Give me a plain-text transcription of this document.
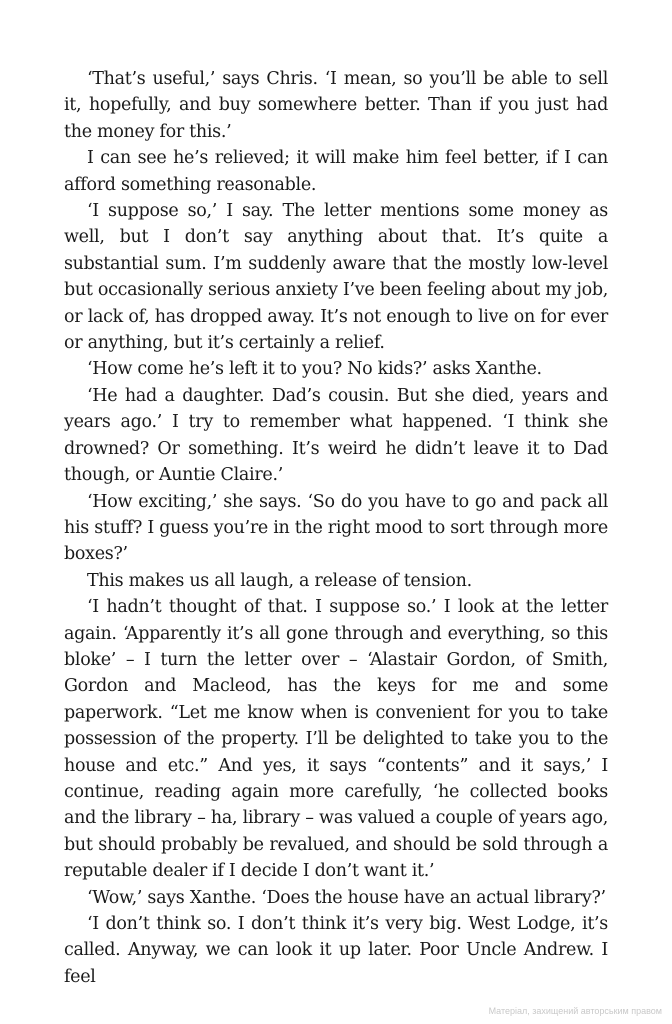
‘That’s useful,’ says Chris. ‘I mean, so you’ll be able to sell it, hopefully, and buy somewhere better. Than if you just had the money for this.’

I can see he’s relieved; it will make him feel better, if I can afford something reasonable.

‘I suppose so,’ I say. The letter mentions some money as well, but I don’t say anything about that. It’s quite a substantial sum. I’m suddenly aware that the mostly low-level but occasionally serious anxiety I’ve been feeling about my job, or lack of, has dropped away. It’s not enough to live on for ever or anything, but it’s certainly a relief.

‘How come he’s left it to you? No kids?’ asks Xanthe.

‘He had a daughter. Dad’s cousin. But she died, years and years ago.’ I try to remember what happened. ‘I think she drowned? Or something. It’s weird he didn’t leave it to Dad though, or Auntie Claire.’

‘How exciting,’ she says. ‘So do you have to go and pack all his stuff? I guess you’re in the right mood to sort through more boxes?’

This makes us all laugh, a release of tension.

‘I hadn’t thought of that. I suppose so.’ I look at the letter again. ‘Apparently it’s all gone through and everything, so this bloke’ – I turn the letter over – ‘Alastair Gordon, of Smith, Gordon and Macleod, has the keys for me and some paperwork. “Let me know when is convenient for you to take possession of the property. I’ll be delighted to take you to the house and etc.” And yes, it says “contents” and it says,’ I continue, reading again more carefully, ‘he collected books and the library – ha, library – was valued a couple of years ago, but should probably be revalued, and should be sold through a reputable dealer if I decide I don’t want it.’

‘Wow,’ says Xanthe. ‘Does the house have an actual library?’

‘I don’t think so. I don’t think it’s very big. West Lodge, it’s called. Anyway, we can look it up later. Poor Uncle Andrew. I feel

Матеріал, захищений авторським правом
